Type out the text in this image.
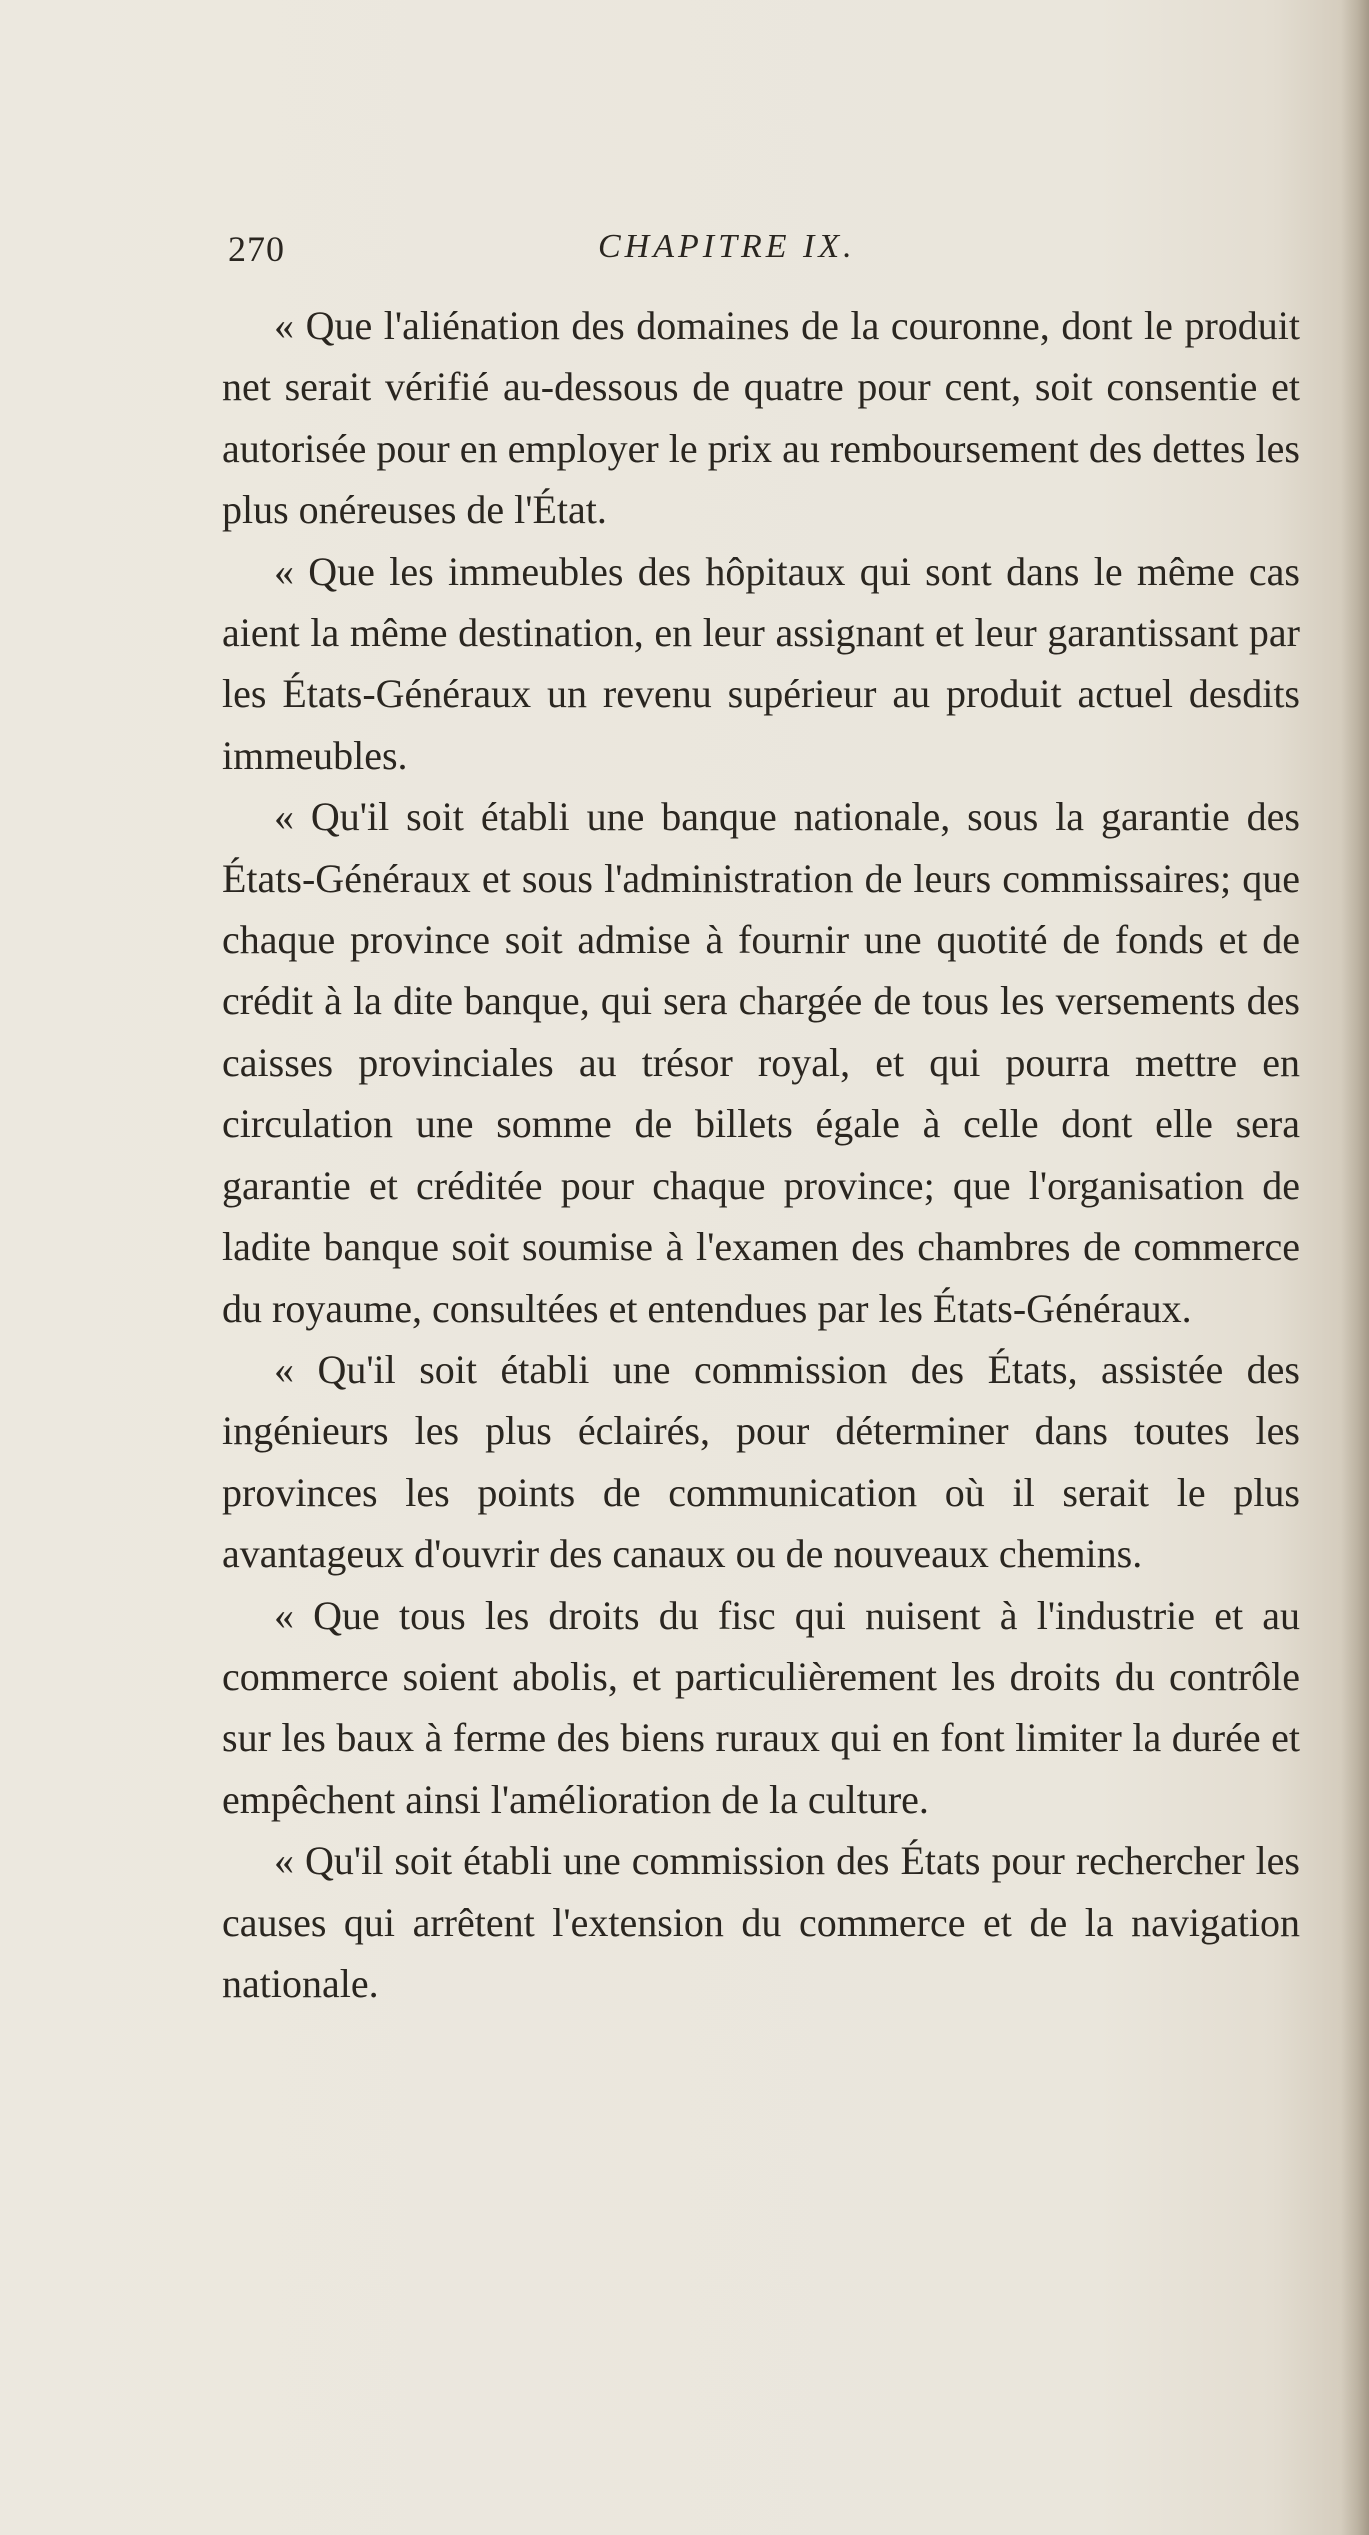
270	CHAPITRE IX.

« Que l'aliénation des domaines de la couronne, dont le produit net serait vérifié au-dessous de quatre pour cent, soit consentie et autorisée pour en employer le prix au remboursement des dettes les plus onéreuses de l'État.

« Que les immeubles des hôpitaux qui sont dans le même cas aient la même destination, en leur assignant et leur garantissant par les États-Généraux un revenu supérieur au produit actuel desdits immeubles.

« Qu'il soit établi une banque nationale, sous la garantie des États-Généraux et sous l'administration de leurs commissaires; que chaque province soit admise à fournir une quotité de fonds et de crédit à la dite banque, qui sera chargée de tous les versements des caisses provinciales au trésor royal, et qui pourra mettre en circulation une somme de billets égale à celle dont elle sera garantie et créditée pour chaque province; que l'organisation de ladite banque soit soumise à l'examen des chambres de commerce du royaume, consultées et entendues par les États-Généraux.

« Qu'il soit établi une commission des États, assistée des ingénieurs les plus éclairés, pour déterminer dans toutes les provinces les points de communication où il serait le plus avantageux d'ouvrir des canaux ou de nouveaux chemins.

« Que tous les droits du fisc qui nuisent à l'industrie et au commerce soient abolis, et particulièrement les droits du contrôle sur les baux à ferme des biens ruraux qui en font limiter la durée et empêchent ainsi l'amélioration de la culture.

« Qu'il soit établi une commission des États pour rechercher les causes qui arrêtent l'extension du commerce et de la navigation nationale.
